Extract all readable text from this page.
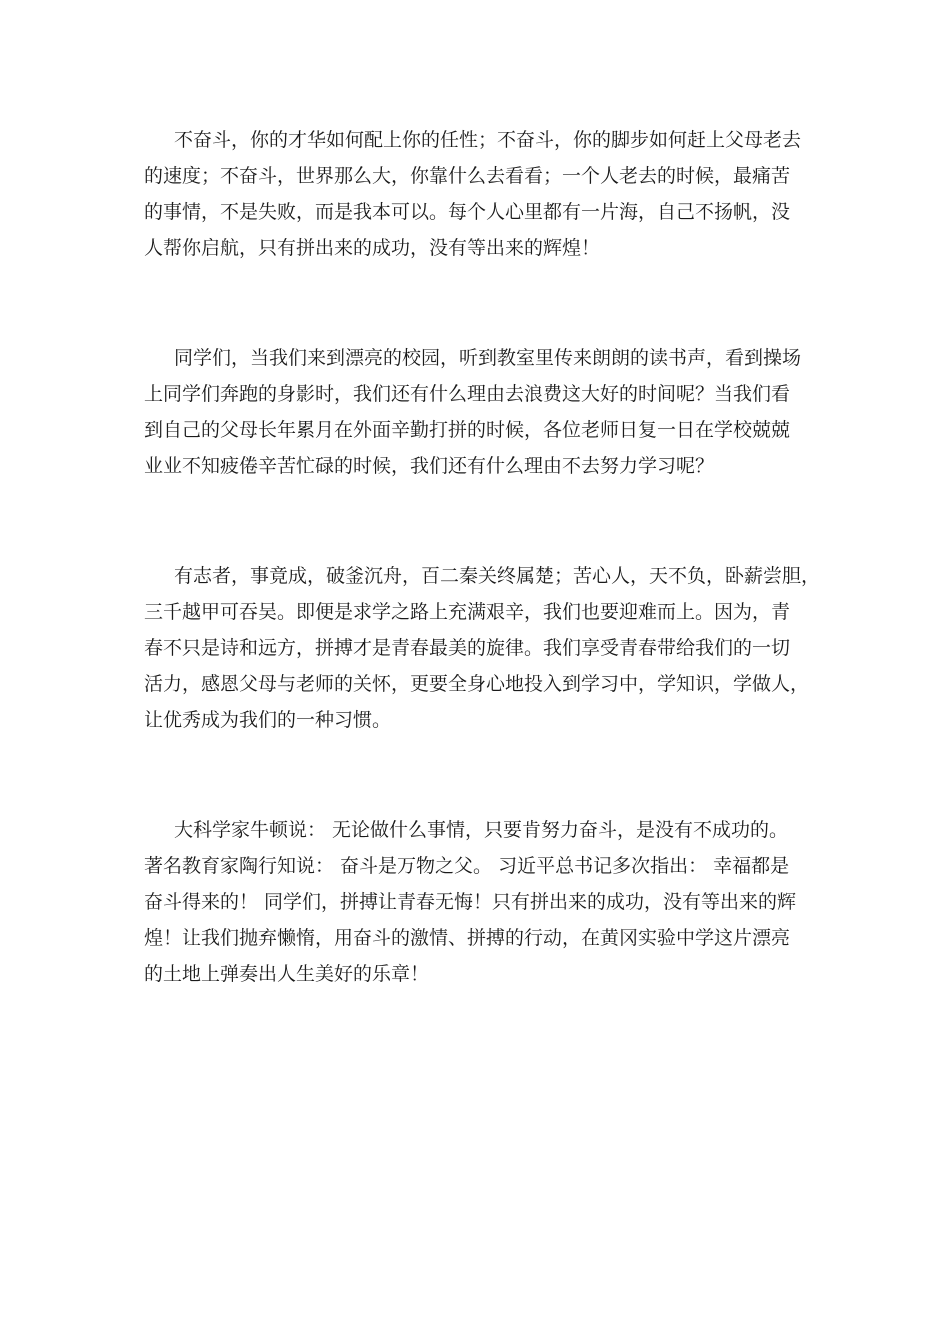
不奋斗，你的才华如何配上你的任性；不奋斗，你的脚步如何赶上父母老去
的速度；不奋斗，世界那么大，你靠什么去看看；一个人老去的时候，最痛苦
的事情，不是失败，而是我本可以。每个人心里都有一片海，自己不扬帆，没
人帮你启航，只有拼出来的成功，没有等出来的辉煌！
同学们，当我们来到漂亮的校园，听到教室里传来朗朗的读书声，看到操场
上同学们奔跑的身影时，我们还有什么理由去浪费这大好的时间呢？当我们看
到自己的父母长年累月在外面辛勤打拼的时候，各位老师日复一日在学校兢兢
业业不知疲倦辛苦忙碌的时候，我们还有什么理由不去努力学习呢？
有志者，事竟成，破釜沉舟，百二秦关终属楚；苦心人，天不负，卧薪尝胆，
三千越甲可吞吴。即便是求学之路上充满艰辛，我们也要迎难而上。因为，青
春不只是诗和远方，拼搏才是青春最美的旋律。我们享受青春带给我们的一切
活力，感恩父母与老师的关怀，更要全身心地投入到学习中，学知识，学做人，
让优秀成为我们的一种习惯。
大科学家牛顿说： 无论做什么事情，只要肯努力奋斗，是没有不成功的。
著名教育家陶行知说： 奋斗是万物之父。 习近平总书记多次指出： 幸福都是
奋斗得来的！ 同学们，拼搏让青春无悔！只有拼出来的成功，没有等出来的辉
煌！让我们抛弃懒惰，用奋斗的激情、拼搏的行动，在黄冈实验中学这片漂亮
的土地上弹奏出人生美好的乐章！
